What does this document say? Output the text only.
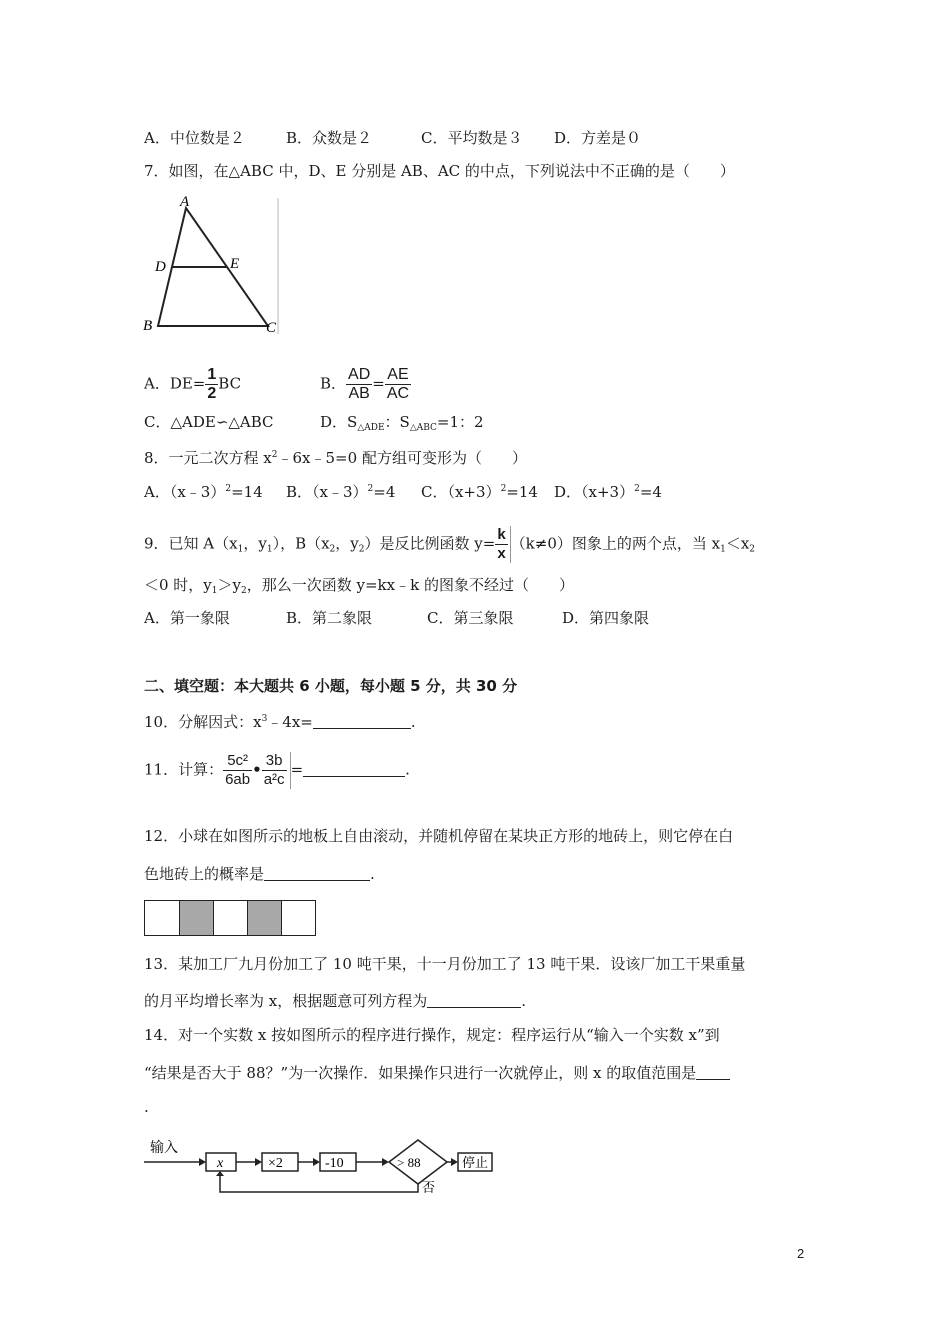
A．中位数是２	B．众数是２	C．平均数是３ D．方差是０
7．如图，在△ABC 中，D、E 分别是 AB、AC 的中点，下列说法中不正确的是（　　）
A
D	E
B	C
A．$DE= \frac{1}{2}$ BC	B． $\frac{AD}{AB} = \frac{AE}{AC}$
C．△ADE∽△ABC	D．$S_{\triangle ADE}$：$S_{\triangle ABC}=1$：2
8．一元二次方程 $x^2﹣6x﹣5=0$ 配方组可变形为（　　）
A．（x﹣3）$^2$=14 B．（x﹣3）$^2$=4 C．$(x+3)^2=14$ D．$(x+3)^2=4$
9．已知 $A(x_1$，$y_1$），$B(x_2$，$y_2$）是反比例函数 $y= \frac{k}{x} (k\ne 0)$图象上的两个点，当 $x_1<x_2$
＜0 时，$y_1>y_2$，那么一次函数 y=kx﹣k 的图象不经过（　　）
A．第一象限	B．第二象限	C．第三象限	D．第四象限
二、填空题：本大题共 6 小题，每小题 5 分，共 30 分
10．分解因式：$x^3﹣4x=$	.
11．计算： $\frac{\text{5c²}}{6ab}$ • $\frac{3b}{\text{a²c}}$ =	.
12．小球在如图所示的地板上自由滚动，并随机停留在某块正方形的地砖上，则它停在白
色地砖上的概率是	.
13．某加工厂九月份加工了 10 吨干果，十一月份加工了 13 吨干果．设该厂加工干果重量
的月平均增长率为 x，根据题意可列方程为	.
14．对一个实数 x 按如图所示的程序进行操作，规定：程序运行从“输入一个实数 x”到
“结果是否大于 88？”为一次操作．如果操作只进行一次就停止，则 x 的取值范围是
.
输入
x	×2	-10	> 88	停止
否
2
